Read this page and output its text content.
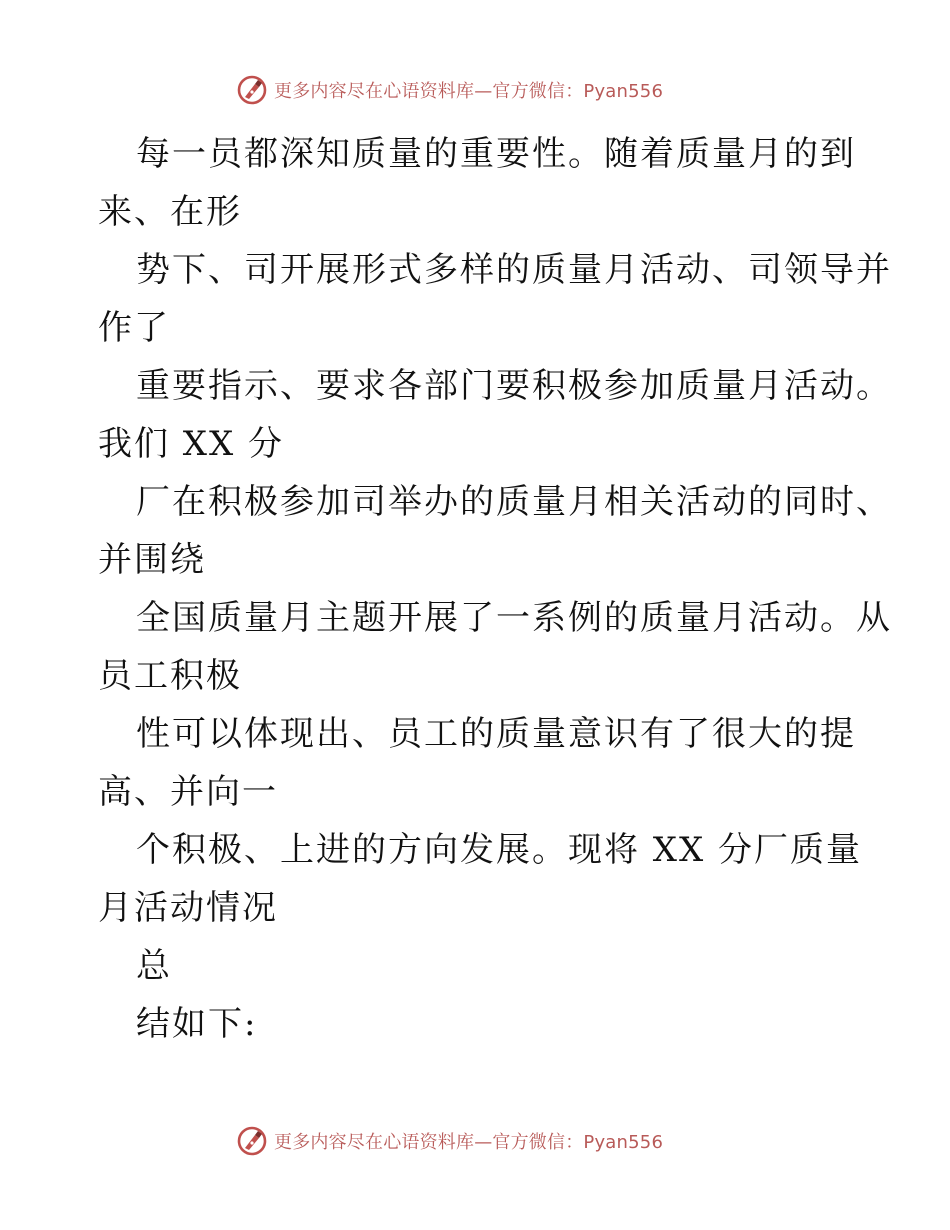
更多内容尽在心语资料库—官方微信：Pyan556
每一员都深知质量的重要性。随着质量月的到
来、在形
势下、司开展形式多样的质量月活动、司领导并
作了
重要指示、要求各部门要积极参加质量月活动。
我们 XX 分
厂在积极参加司举办的质量月相关活动的同时、
并围绕
全国质量月主题开展了一系例的质量月活动。从
员工积极
性可以体现出、员工的质量意识有了很大的提
高、并向一
个积极、上进的方向发展。现将 XX 分厂质量
月活动情况
总
结如下:
更多内容尽在心语资料库—官方微信：Pyan556
